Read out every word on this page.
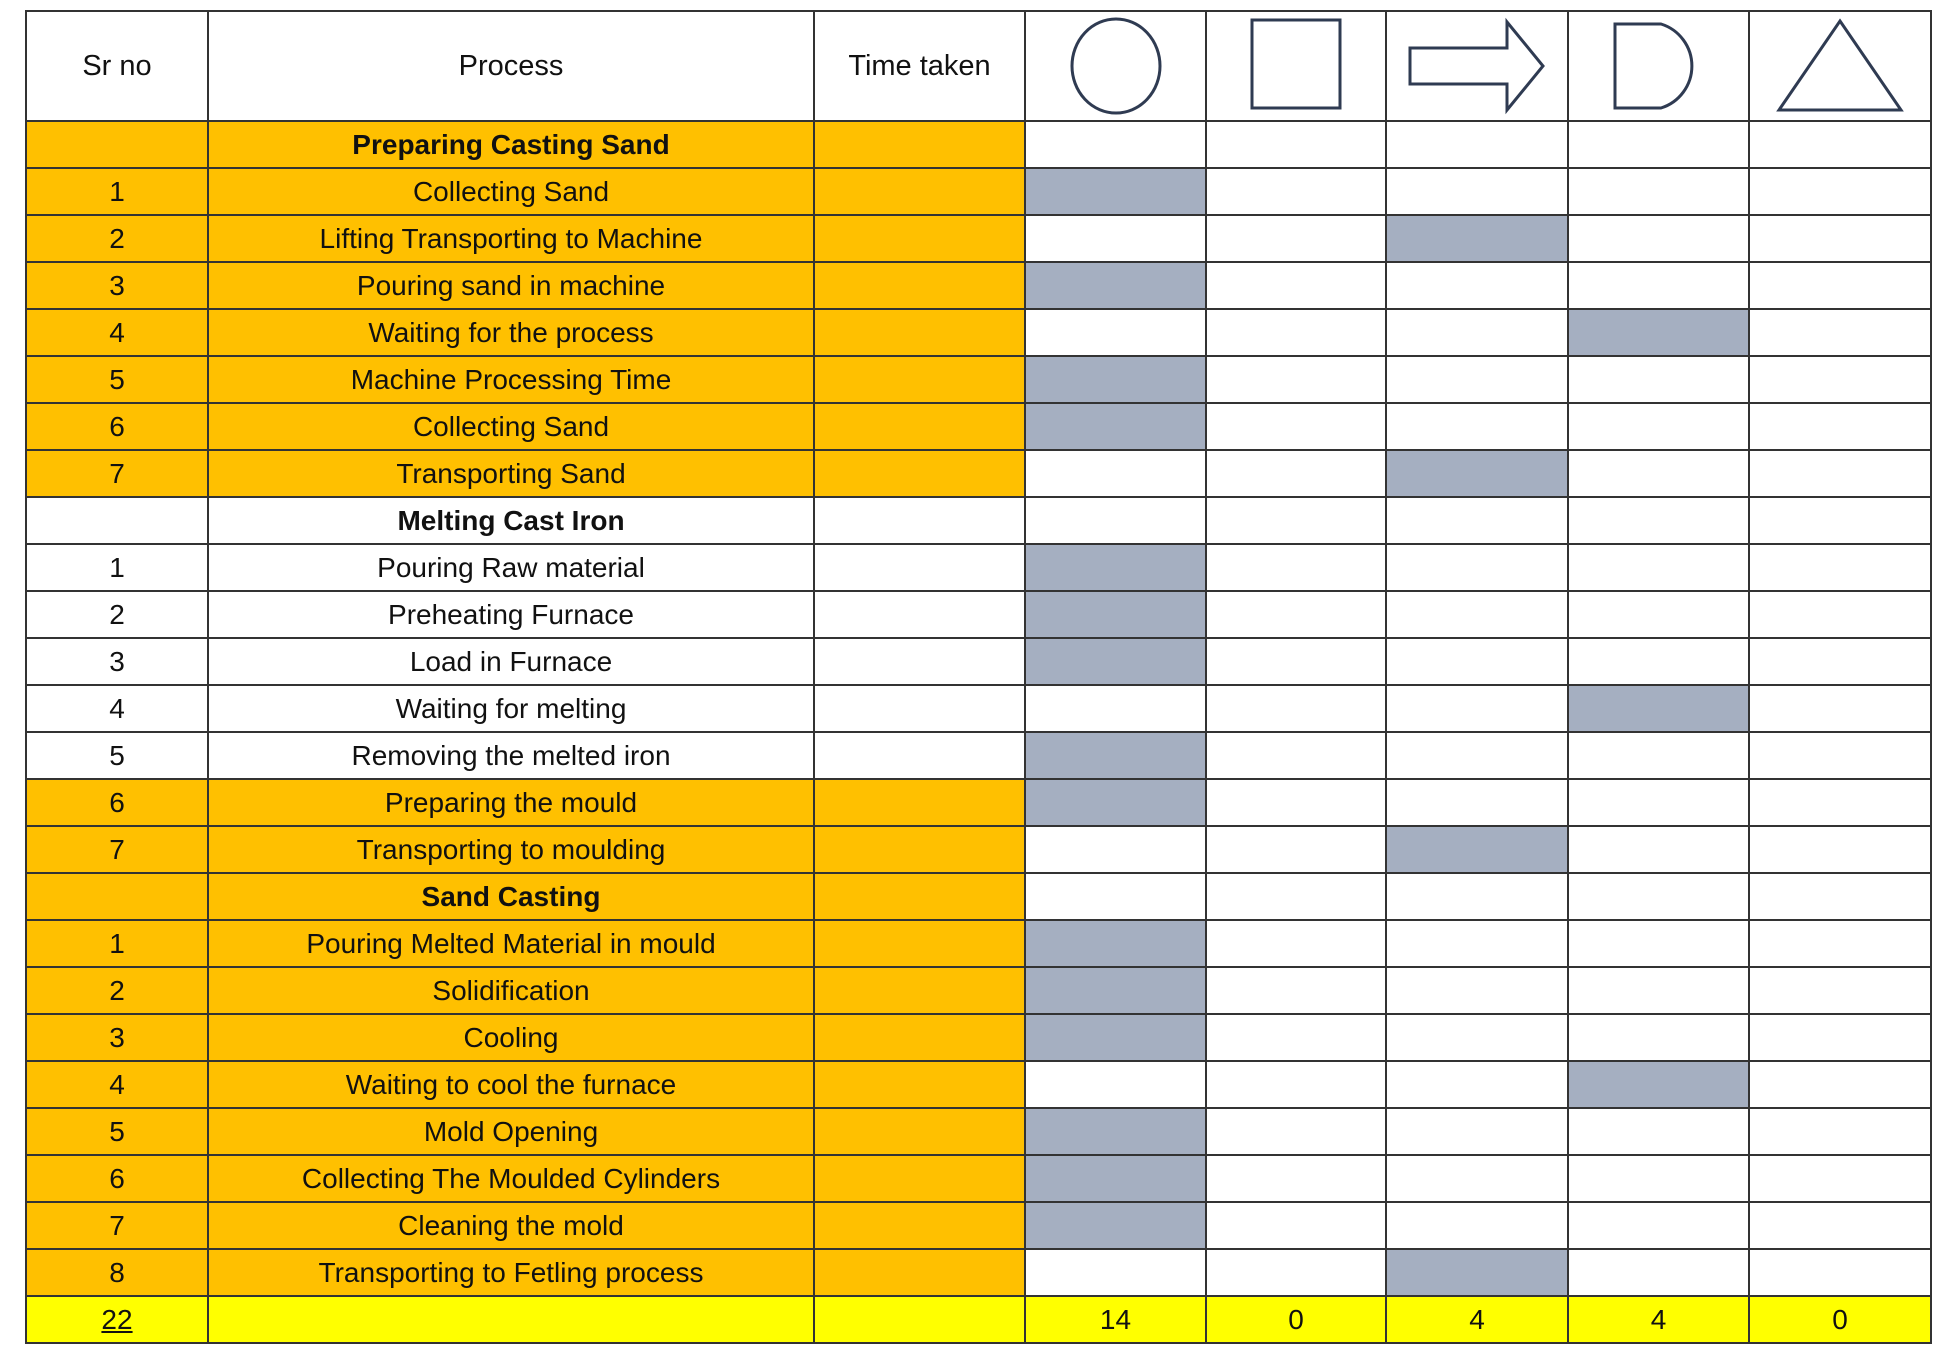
Sr no	Process	Time taken	

	Preparing Casting Sand						
1	Collecting Sand						
2	Lifting Transporting to Machine						
3	Pouring sand in machine						
4	Waiting for the process						
5	Machine Processing Time						
6	Collecting Sand						
7	Transporting Sand						
	Melting Cast Iron						
1	Pouring Raw material						
2	Preheating Furnace						
3	Load in Furnace						
4	Waiting for melting						
5	Removing the melted iron						
6	Preparing the mould						
7	Transporting to moulding						
	Sand Casting						
1	Pouring Melted Material in mould						
2	Solidification						
3	Cooling						
4	Waiting to cool the furnace						
5	Mold Opening						
6	Collecting The Moulded Cylinders						
7	Cleaning the mold						
8	Transporting to Fetling process						
22			14	0	4	4	0
